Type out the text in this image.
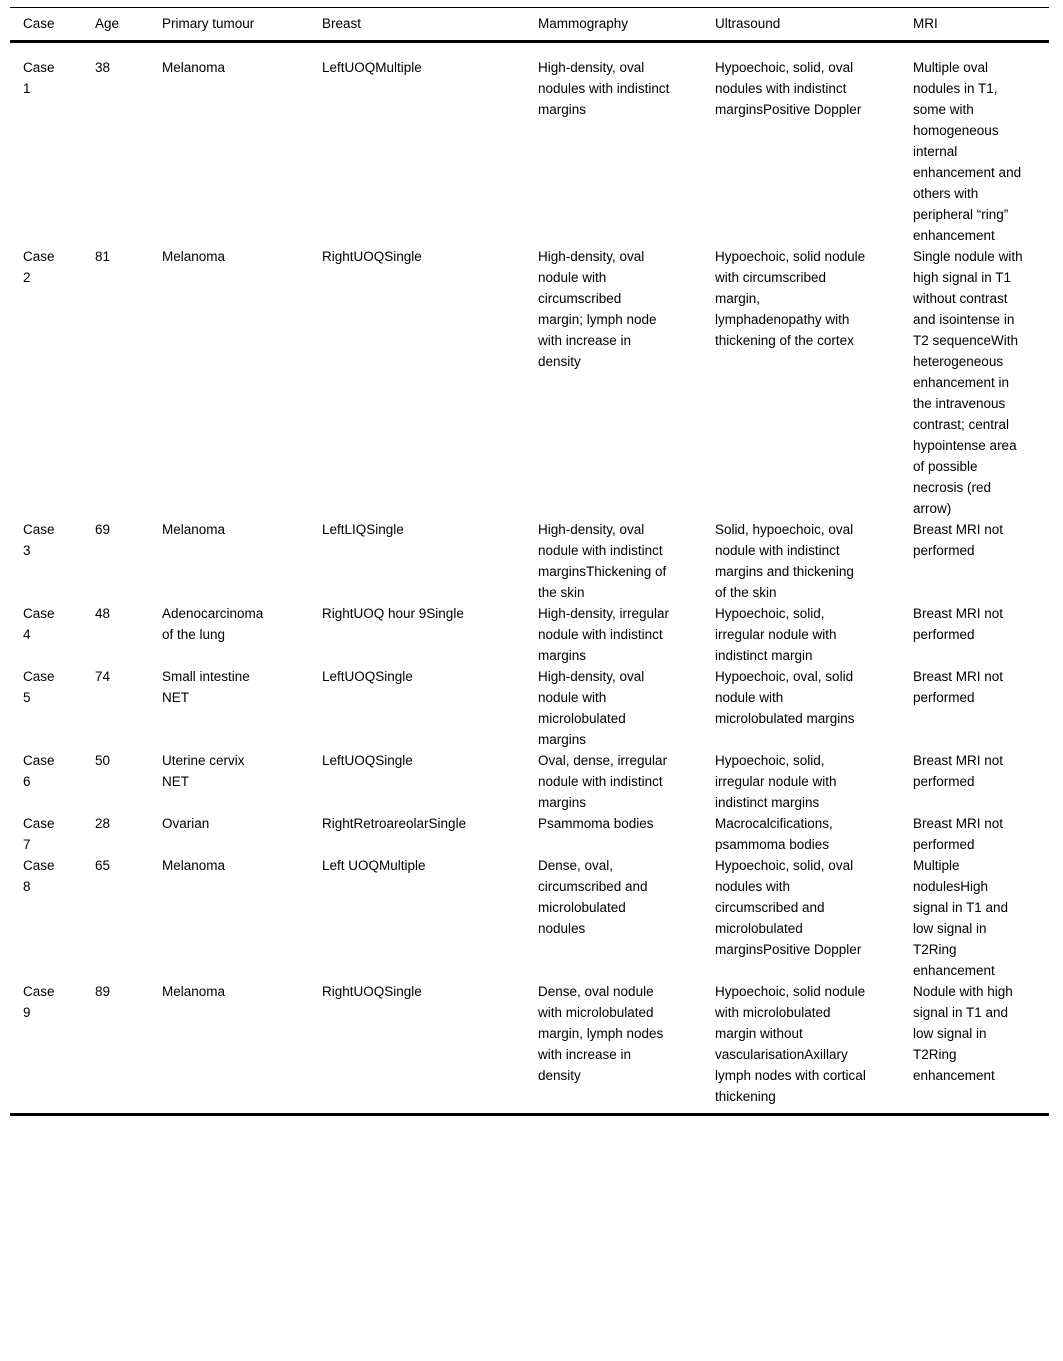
Case	Age	Primary tumour	Breast	Mammography	Ultrasound	MRI
Case 1	38	Melanoma	LeftUOQMultiple	High-density, oval nodules with indistinct margins	Hypoechoic, solid, oval nodules with indistinct marginsPositive Doppler	Multiple oval nodules in T1, some with homogeneous internal enhancement and others with peripheral “ring” enhancement
Case 2	81	Melanoma	RightUOQSingle	High-density, oval nodule with circumscribed margin; lymph node with increase in density	Hypoechoic, solid nodule with circumscribed margin, lymphadenopathy with thickening of the cortex	Single nodule with high signal in T1 without contrast and isointense in T2 sequenceWith heterogeneous enhancement in the intravenous contrast; central hypointense area of possible necrosis (red arrow)
Case 3	69	Melanoma	LeftLIQSingle	High-density, oval nodule with indistinct marginsThickening of the skin	Solid, hypoechoic, oval nodule with indistinct margins and thickening of the skin	Breast MRI not performed
Case 4	48	Adenocarcinoma of the lung	RightUOQ hour 9Single	High-density, irregular nodule with indistinct margins	Hypoechoic, solid, irregular nodule with indistinct margin	Breast MRI not performed
Case 5	74	Small intestine NET	LeftUOQSingle	High-density, oval nodule with microlobulated margins	Hypoechoic, oval, solid nodule with microlobulated margins	Breast MRI not performed
Case 6	50	Uterine cervix NET	LeftUOQSingle	Oval, dense, irregular nodule with indistinct margins	Hypoechoic, solid, irregular nodule with indistinct margins	Breast MRI not performed
Case 7	28	Ovarian	RightRetroareolarSingle	Psammoma bodies	Macrocalcifications, psammoma bodies	Breast MRI not performed
Case 8	65	Melanoma	Left UOQMultiple	Dense, oval, circumscribed and microlobulated nodules	Hypoechoic, solid, oval nodules with circumscribed and microlobulated marginsPositive Doppler	Multiple nodulesHigh signal in T1 and low signal in T2Ring enhancement
Case 9	89	Melanoma	RightUOQSingle	Dense, oval nodule with microlobulated margin, lymph nodes with increase in density	Hypoechoic, solid nodule with microlobulated margin without vascularisationAxillary lymph nodes with cortical thickening	Nodule with high signal in T1 and low signal in T2Ring enhancement
